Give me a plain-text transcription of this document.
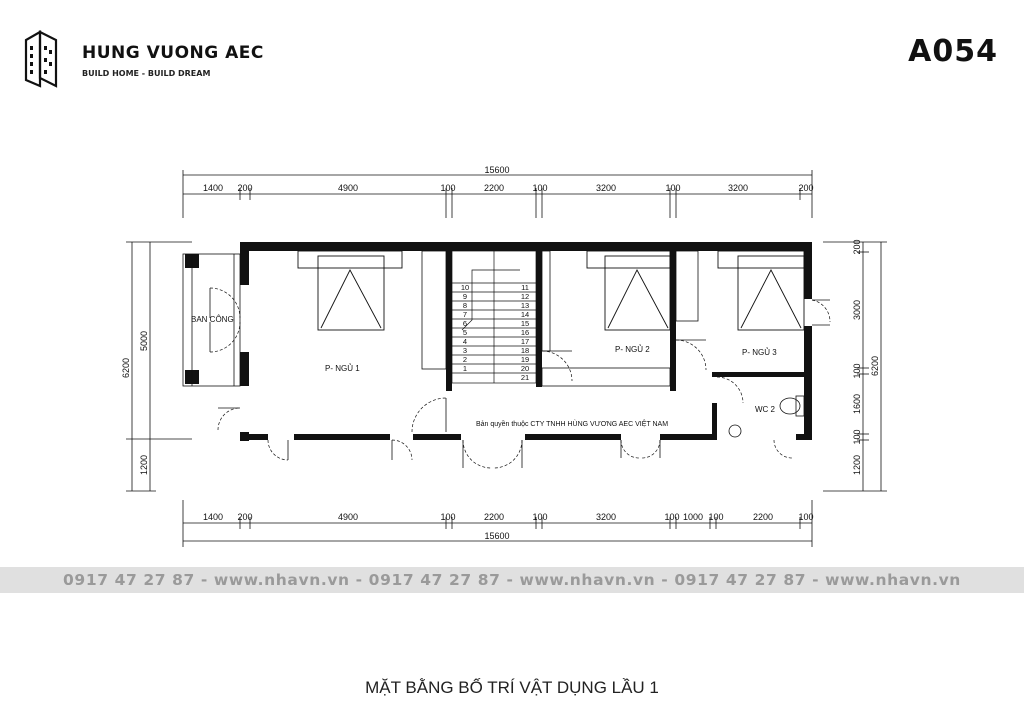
HUNG VUONG AEC
BUILD HOME - BUILD DREAM
A054
15600
1400 200	4900	100	2200	100	3200	100	3200	200
1400 200	4900	100	2200	100	3200	100 1000 100	2200	100
15600
6200
5000
1200
200
3000
100
1600
100
1200
6200
10
9
8
7
6
5
4
3
2
1
11
12
13
14
15
16
17
18
19
20
21
BAN CÔNG
P- NGỦ 1
P- NGỦ 2	P- NGỦ 3
WC 2
Bản quyền thuộc CTY TNHH HÙNG VƯƠNG AEC VIỆT NAM
0917 47 27 87 - www.nhavn.vn - 0917 47 27 87 - www.nhavn.vn - 0917 47 27 87 - www.nhavn.vn
MẶT BẰNG BỐ TRÍ VẬT DỤNG LẦU 1
